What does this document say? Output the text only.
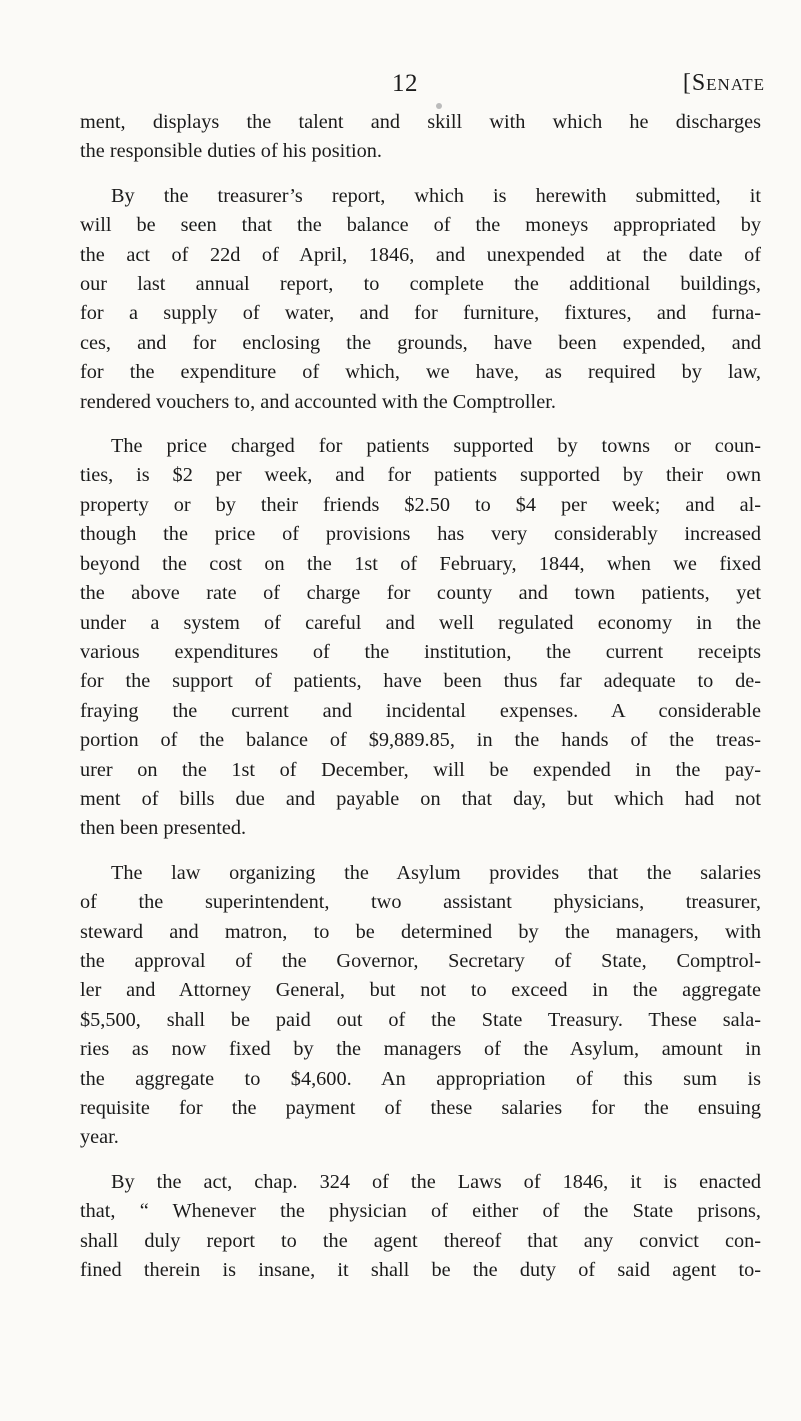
12	[Senate
ment, displays the talent and skill with which he discharges
the responsible duties of his position.
By the treasurer’s report, which is herewith submitted, it
will be seen that the balance of the moneys appropriated by
the act of 22d of April, 1846, and unexpended at the date of
our last annual report, to complete the additional buildings,
for a supply of water, and for furniture, fixtures, and furna-
ces, and for enclosing the grounds, have been expended, and
for the expenditure of which, we have, as required by law,
rendered vouchers to, and accounted with the Comptroller.
The price charged for patients supported by towns or coun-
ties, is $2 per week, and for patients supported by their own
property or by their friends $2.50 to $4 per week; and al-
though the price of provisions has very considerably increased
beyond the cost on the 1st of February, 1844, when we fixed
the above rate of charge for county and town patients, yet
under a system of careful and well regulated economy in the
various expenditures of the institution, the current receipts
for the support of patients, have been thus far adequate to de-
fraying the current and incidental expenses. A considerable
portion of the balance of $9,889.85, in the hands of the treas-
urer on the 1st of December, will be expended in the pay-
ment of bills due and payable on that day, but which had not
then been presented.
The law organizing the Asylum provides that the salaries
of the superintendent, two assistant physicians, treasurer,
steward and matron, to be determined by the managers, with
the approval of the Governor, Secretary of State, Comptrol-
ler and Attorney General, but not to exceed in the aggregate
$5,500, shall be paid out of the State Treasury. These sala-
ries as now fixed by the managers of the Asylum, amount in
the aggregate to $4,600. An appropriation of this sum is
requisite for the payment of these salaries for the ensuing
year.
By the act, chap. 324 of the Laws of 1846, it is enacted
that, “ Whenever the physician of either of the State prisons,
shall duly report to the agent thereof that any convict con-
fined therein is insane, it shall be the duty of said agent to-
